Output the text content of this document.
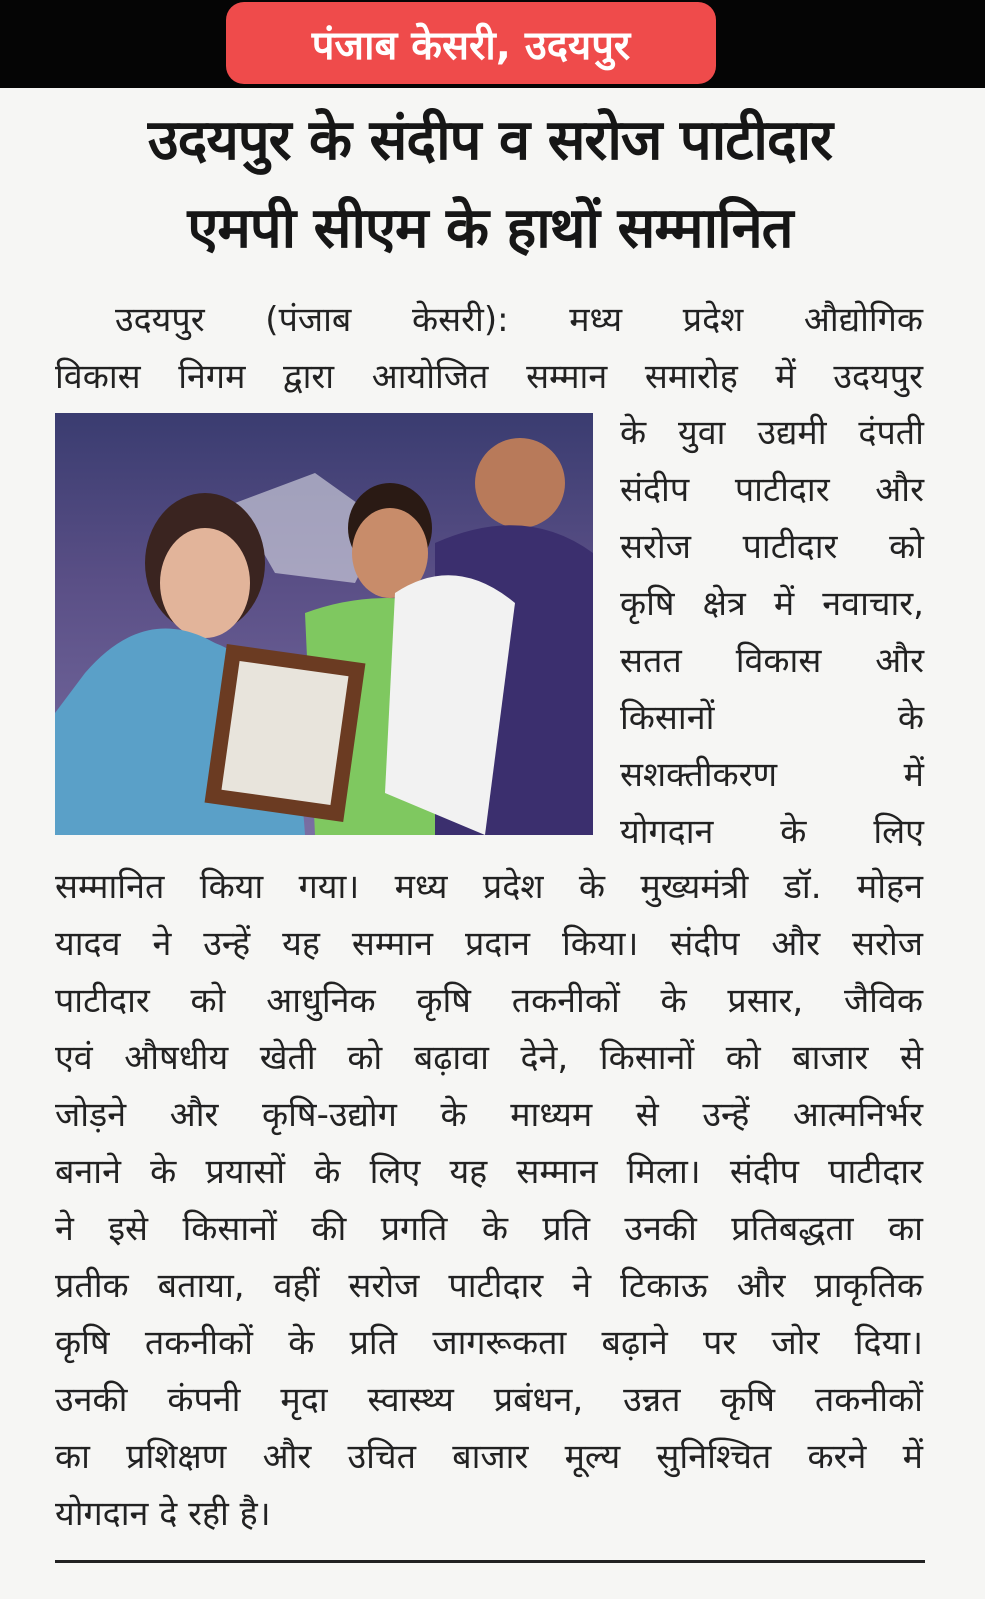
पंजाब केसरी, उदयपुर
उदयपुर के संदीप व सरोज पाटीदार
एमपी सीएम के हाथों सम्मानित
उदयपुर (पंजाब केसरी): मध्य प्रदेश औद्योगिक
विकास निगम द्वारा आयोजित सम्मान समारोह में उदयपुर
के युवा उद्यमी दंपती
संदीप पाटीदार और
सरोज पाटीदार को
कृषि क्षेत्र में नवाचार,
सतत विकास और
किसानों के
सशक्तीकरण में
योगदान के लिए
सम्मानित किया गया। मध्य प्रदेश के मुख्यमंत्री डॉ. मोहन
यादव ने उन्हें यह सम्मान प्रदान किया। संदीप और सरोज
पाटीदार को आधुनिक कृषि तकनीकों के प्रसार, जैविक
एवं औषधीय खेती को बढ़ावा देने, किसानों को बाजार से
जोड़ने और कृषि-उद्योग के माध्यम से उन्हें आत्मनिर्भर
बनाने के प्रयासों के लिए यह सम्मान मिला। संदीप पाटीदार
ने इसे किसानों की प्रगति के प्रति उनकी प्रतिबद्धता का
प्रतीक बताया, वहीं सरोज पाटीदार ने टिकाऊ और प्राकृतिक
कृषि तकनीकों के प्रति जागरूकता बढ़ाने पर जोर दिया।
उनकी कंपनी मृदा स्वास्थ्य प्रबंधन, उन्नत कृषि तकनीकों
का प्रशिक्षण और उचित बाजार मूल्य सुनिश्चित करने में
योगदान दे रही है।
